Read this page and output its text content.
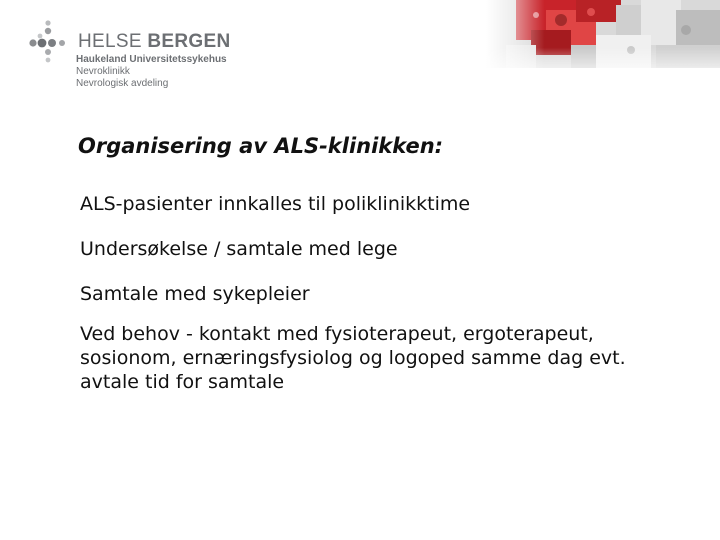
HELSE BERGEN
Haukeland Universitetssykehus
Nevroklinikk
Nevrologisk avdeling
Organisering av ALS-klinikken:
ALS-pasienter innkalles til poliklinikktime
Undersøkelse / samtale med lege
Samtale med sykepleier
Ved behov - kontakt med fysioterapeut, ergoterapeut, sosionom, ernæringsfysiolog og logoped samme dag evt. avtale tid for samtale
